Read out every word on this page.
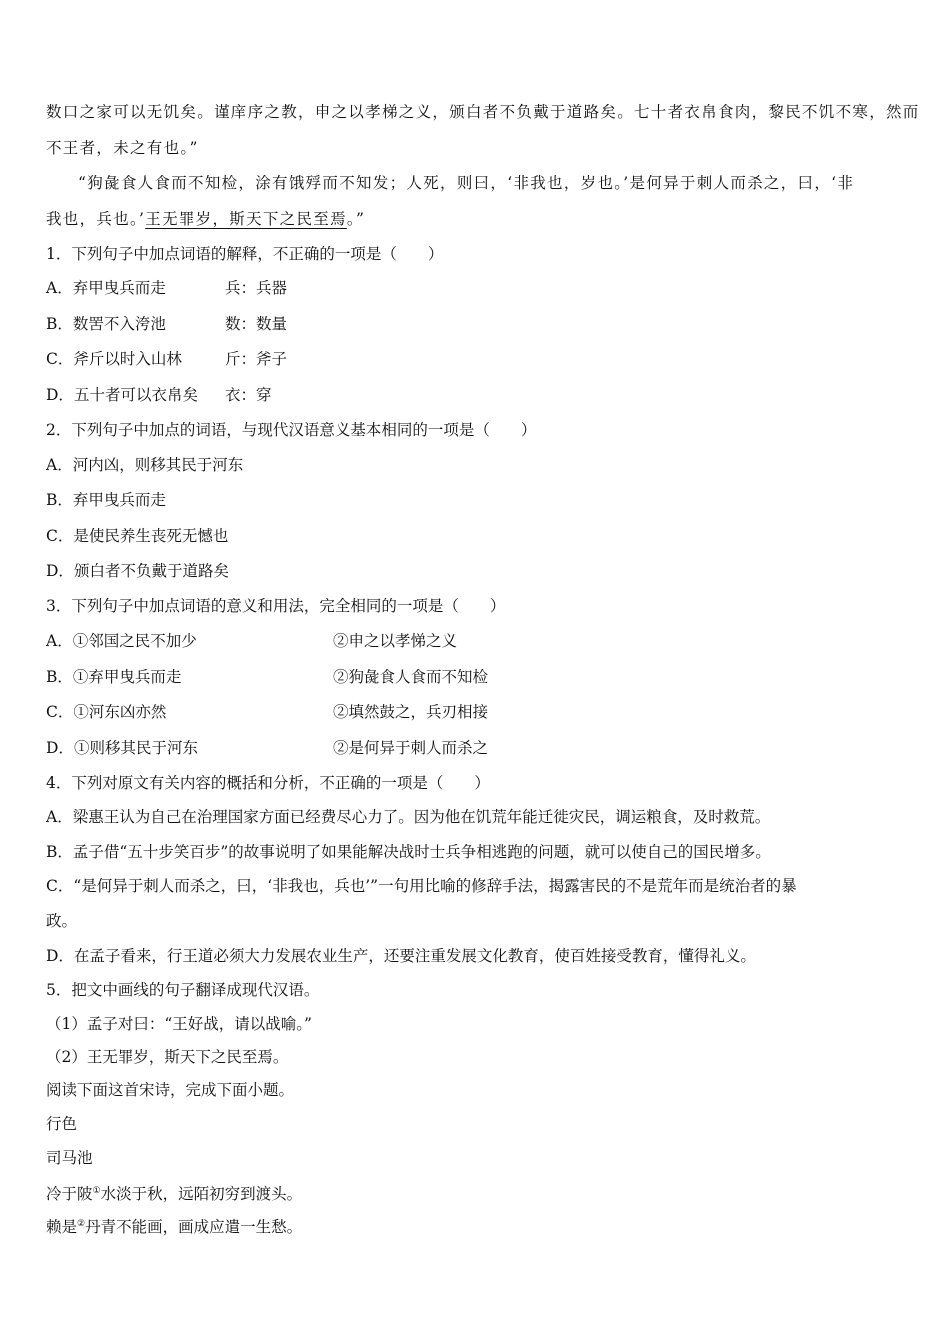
数口之家可以无饥矣。谨庠序之教，申之以孝梯之义，颁白者不负戴于道路矣。七十者衣帛食肉，黎民不饥不寒，然而
不王者，未之有也。”
“狗彘食人食而不知检，涂有饿殍而不知发；人死，则曰，‘非我也，岁也。’是何异于刺人而杀之，曰，‘非
我也，兵也。’王无罪岁，斯天下之民至焉。”
1．下列句子中加点词语的解释，不正确的一项是（　　）
A．弃甲曳兵而走	兵：兵器
B．数罟不入洿池	数：数量
C．斧斤以时入山林	斤：斧子
D．五十者可以衣帛矣 衣：穿
2．下列句子中加点的词语，与现代汉语意义基本相同的一项是（　　）
A．河内凶，则移其民于河东
B．弃甲曳兵而走
C．是使民养生丧死无憾也
D．颁白者不负戴于道路矣
3．下列句子中加点词语的意义和用法，完全相同的一项是（　　）
A．①邻国之民不加少	②申之以孝悌之义
B．①弃甲曳兵而走	②狗彘食人食而不知检
C．①河东凶亦然	②填然鼓之，兵刃相接
D．①则移其民于河东	②是何异于刺人而杀之
4．下列对原文有关内容的概括和分析，不正确的一项是（　　）
A．梁惠王认为自己在治理国家方面已经费尽心力了。因为他在饥荒年能迁徙灾民，调运粮食，及时救荒。
B．孟子借“五十步笑百步”的故事说明了如果能解决战时士兵争相逃跑的问题，就可以使自己的国民增多。
C．“是何异于刺人而杀之，曰，‘非我也，兵也’”一句用比喻的修辞手法，揭露害民的不是荒年而是统治者的暴
政。
D．在孟子看来，行王道必须大力发展农业生产，还要注重发展文化教育，使百姓接受教育，懂得礼义。
5．把文中画线的句子翻译成现代汉语。
（1）孟子对曰：“王好战，请以战喻。”
（2）王无罪岁，斯天下之民至焉。
阅读下面这首宋诗，完成下面小题。
行色
司马池
冷于陂①水淡于秋，远陌初穷到渡头。
赖是②丹青不能画，画成应遣一生愁。
